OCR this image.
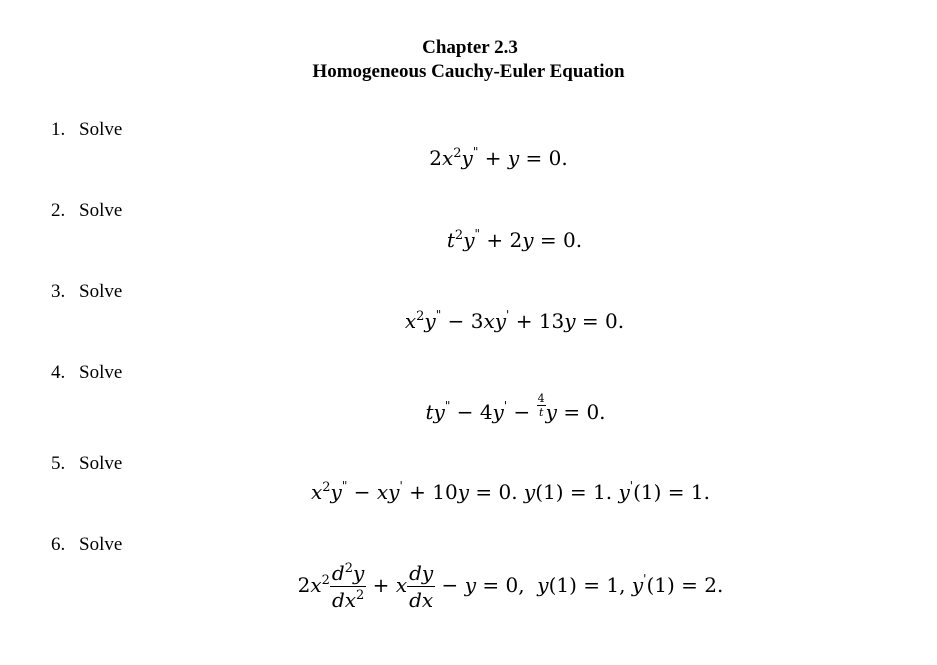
Chapter 2.3
Homogeneous Cauchy-Euler Equation
1. Solve
$2x^2y^" + y = 0$.
2. Solve
$t^2y^" + 2y = 0$.
3. Solve
$x^2y^" - 3xy' + 13y = 0$.
4. Solve
$ty^" - 4y' - \frac{4}{t}$ y = 0.
5. Solve
$x^2y^" - xy' + 10y = 0$. y(1) = 1. y'(1) = 1.
6. Solve
$2x^2 \frac{d^2y}{dx^2} + x \frac{dy}{dx} - y = 0$,  y(1) = 1, y'(1) = 2.
